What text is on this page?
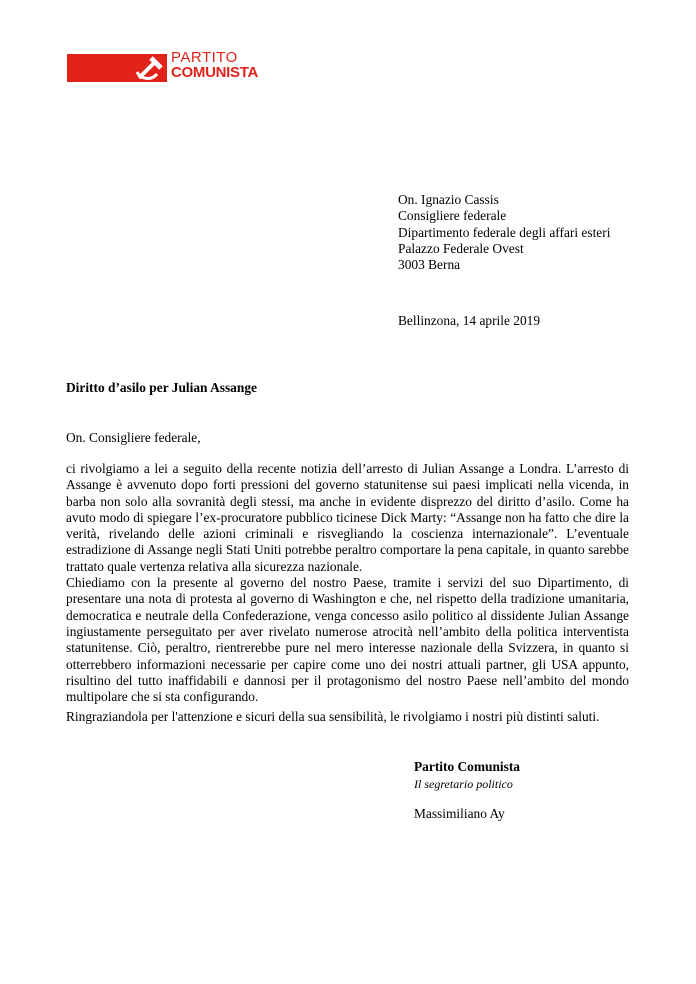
PARTITO
COMUNISTA
On. Ignazio Cassis
Consigliere federale
Dipartimento federale degli affari esteri
Palazzo Federale Ovest
3003 Berna
Bellinzona, 14 aprile 2019
Diritto d’asilo per Julian Assange
On. Consigliere federale,

ci rivolgiamo a lei a seguito della recente notizia dell’arresto di Julian Assange a Londra. L’arresto di Assange è avvenuto dopo forti pressioni del governo statunitense sui paesi implicati nella vicenda, in barba non solo alla sovranità degli stessi, ma anche in evidente disprezzo del diritto d’asilo. Come ha avuto modo di spiegare l’ex-procuratore pubblico ticinese Dick Marty: “Assange non ha fatto che dire la verità, rivelando delle azioni criminali e risvegliando la coscienza internazionale”. L’eventuale estradizione di Assange negli Stati Uniti potrebbe peraltro comportare la pena capitale, in quanto sarebbe trattato quale vertenza relativa alla sicurezza nazionale.

Chiediamo con la presente al governo del nostro Paese, tramite i servizi del suo Dipartimento, di presentare una nota di protesta al governo di Washington e che, nel rispetto della tradizione umanitaria, democratica e neutrale della Confederazione, venga concesso asilo politico al dissidente Julian Assange ingiustamente perseguitato per aver rivelato numerose atrocità nell’ambito della politica interventista statunitense. Ciò, peraltro, rientrerebbe pure nel mero interesse nazionale della Svizzera, in quanto si otterrebbero informazioni necessarie per capire come uno dei nostri attuali partner, gli USA appunto, risultino del tutto inaffidabili e dannosi per il protagonismo del nostro Paese nell’ambito del mondo multipolare che si sta configurando.

Ringraziandola per l'attenzione e sicuri della sua sensibilità, le rivolgiamo i nostri più distinti saluti.

Partito Comunista
Il segretario politico
Massimiliano Ay
